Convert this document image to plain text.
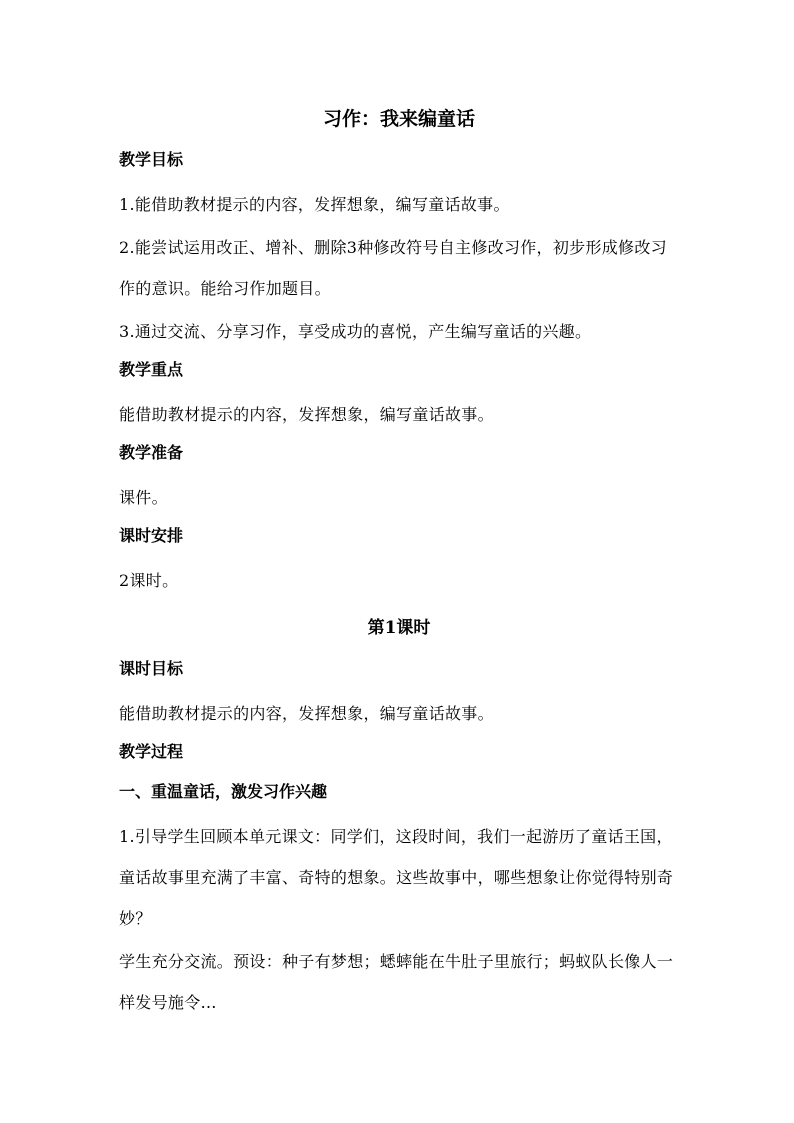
习作：我来编童话
教学目标
1.能借助教材提示的内容，发挥想象，编写童话故事。
2.能尝试运用改正、增补、删除3种修改符号自主修改习作，初步形成修改习作的意识。能给习作加题目。
3.通过交流、分享习作，享受成功的喜悦，产生编写童话的兴趣。
教学重点
能借助教材提示的内容，发挥想象，编写童话故事。
教学准备
课件。
课时安排
2课时。
第1课时
课时目标
能借助教材提示的内容，发挥想象，编写童话故事。
教学过程
一、重温童话，激发习作兴趣
1.引导学生回顾本单元课文：同学们，这段时间，我们一起游历了童话王国，童话故事里充满了丰富、奇特的想象。这些故事中，哪些想象让你觉得特别奇妙？
学生充分交流。预设：种子有梦想；蟋蟀能在牛肚子里旅行；蚂蚁队长像人一样发号施令…
